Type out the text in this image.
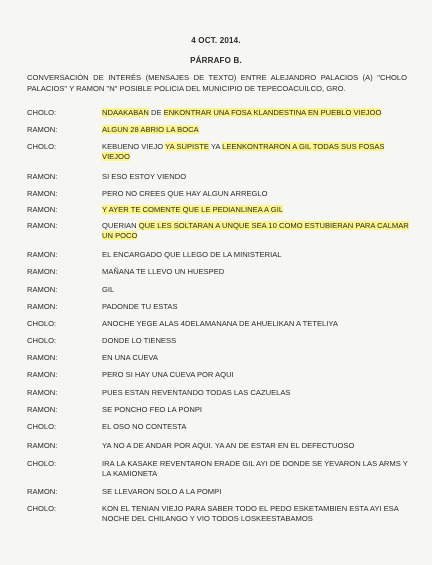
4 OCT. 2014.
PÁRRAFO B.
CONVERSACIÓN DE INTERÉS (MENSAJES DE TEXTO) ENTRE ALEJANDRO PALACIOS (A) "CHOLO PALACIOS" Y RAMON "N" POSIBLE POLICIA DEL MUNICIPIO DE TEPECOACUILCO, GRO.
CHOLO:	NDAAKABAN DE ENKONTRAR UNA FOSA KLANDESTINA EN PUEBLO VIEJOO
RAMON:	ALGUN 28 ABRIO LA BOCA
CHOLO:	KEBUENO VIEJO YA SUPISTE YA LEENKONTRARON A GIL TODAS SUS FOSAS VIEJOO
RAMON:	SI ESO ESTOY VIENDO
RAMON:	PERO NO CREES QUE HAY ALGUN ARREGLO
RAMON:	Y AYER TE COMENTE QUE LE PEDIANLINEA A GIL
RAMON:	QUERIAN QUE LES SOLTARAN A UNQUE SEA 10 COMO ESTUBIERAN PARA CALMAR UN POCO
RAMON:	EL ENCARGADO QUE LLEGO DE LA MINISTERIAL
RAMON:	MAÑANA TE LLEVO UN HUESPED
RAMON:	GIL
RAMON:	PADONDE TU ESTAS
CHOLO:	ANOCHE YEGE ALAS 4DELAMANANA DE AHUELIKAN A TETELIYA
CHOLO:	DONDE LO TIENESS
RAMON:	EN UNA CUEVA
RAMON:	PERO SI HAY UNA CUEVA POR AQUI
RAMON:	PUES ESTAN REVENTANDO TODAS LAS CAZUELAS
RAMON:	SE PONCHO FEO LA PONPI
CHOLO:	EL OSO NO CONTESTA
RAMON:	YA NO A DE ANDAR POR AQUI. YA AN DE ESTAR EN EL DEFECTUOSO
CHOLO:	IRA LA KASAKE REVENTARON ERADE GIL AYI DE DONDE SE YEVARON LAS ARMS Y LA KAMIONETA
RAMON:	SE LLEVARON SOLO A LA POMPI
CHOLO:	KON EL TENIAN VIEJO PARA SABER TODO EL PEDO ESKETAMBIEN ESTA AYI ESA NOCHE DEL CHILANGO Y VIO TODOS LOSKEESTABAMOS
